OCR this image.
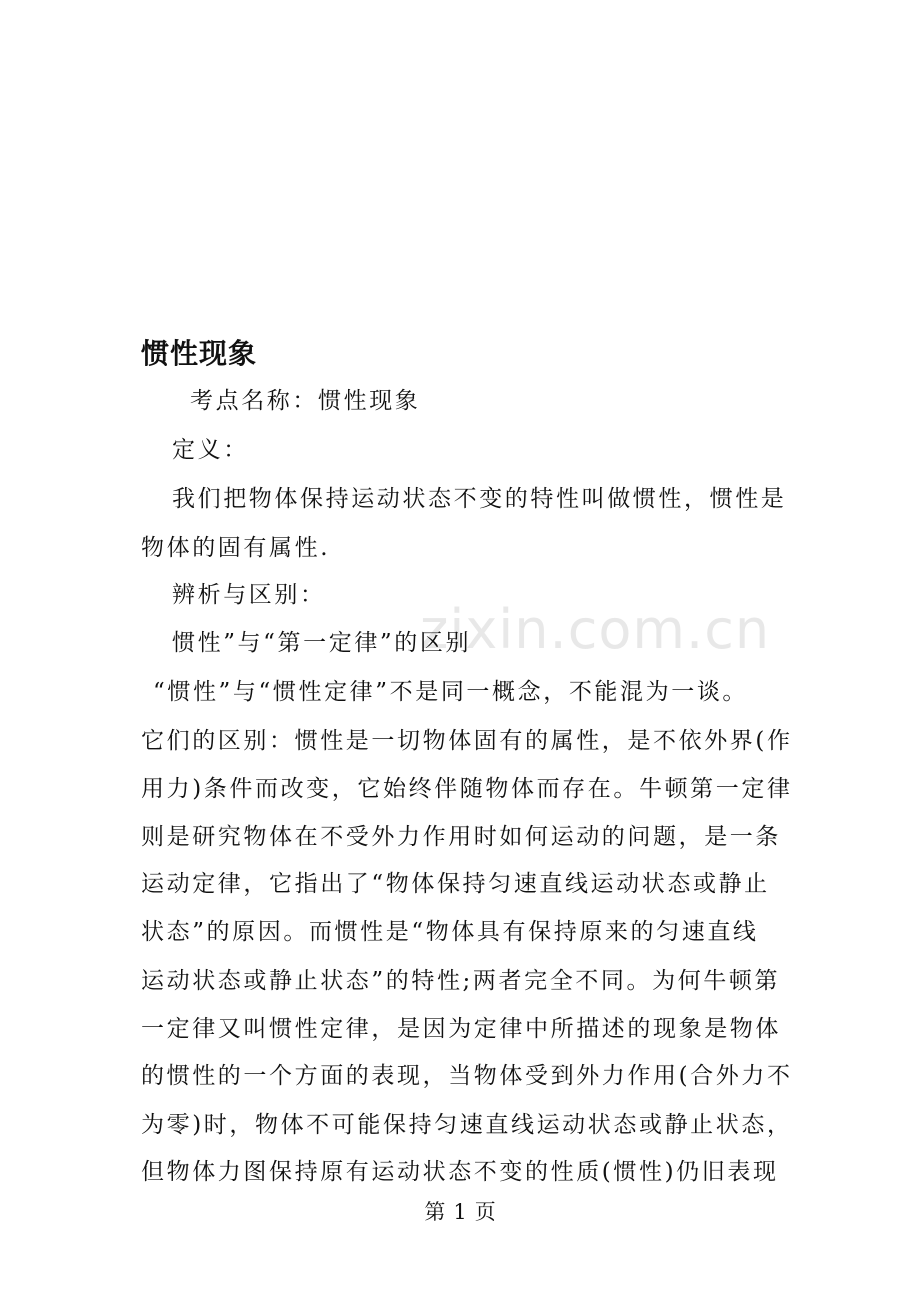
zixin.com.cn
惯性现象
考点名称：惯性现象
定义：
我们把物体保持运动状态不变的特性叫做惯性，惯性是
物体的固有属性.
辨析与区别：
惯性”与“第一定律”的区别
“惯性”与“惯性定律”不是同一概念，不能混为一谈。
它们的区别：惯性是一切物体固有的属性，是不依外界(作
用力)条件而改变，它始终伴随物体而存在。牛顿第一定律
则是研究物体在不受外力作用时如何运动的问题，是一条
运动定律，它指出了“物体保持匀速直线运动状态或静止
状态”的原因。而惯性是“物体具有保持原来的匀速直线
运动状态或静止状态”的特性;两者完全不同。为何牛顿第
一定律又叫惯性定律，是因为定律中所描述的现象是物体
的惯性的一个方面的表现，当物体受到外力作用(合外力不
为零)时，物体不可能保持匀速直线运动状态或静止状态，
但物体力图保持原有运动状态不变的性质(惯性)仍旧表现
第 1 页
